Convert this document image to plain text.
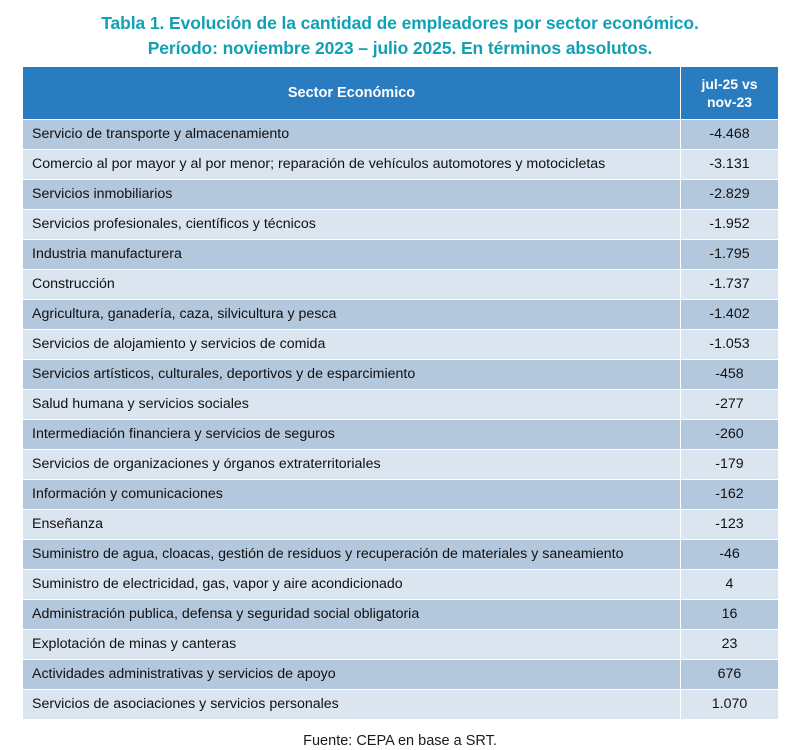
Tabla 1. Evolución de la cantidad de empleadores por sector económico.
Período: noviembre 2023 – julio 2025. En términos absolutos.
Sector Económico	jul-25 vs
nov-23

Servicio de transporte y almacenamiento	-4.468
Comercio al por mayor y al por menor; reparación de vehículos automotores y motocicletas	-3.131
Servicios inmobiliarios	-2.829
Servicios profesionales, científicos y técnicos	-1.952
Industria manufacturera	-1.795
Construcción	-1.737
Agricultura, ganadería, caza, silvicultura y pesca	-1.402
Servicios de alojamiento y servicios de comida	-1.053
Servicios artísticos, culturales, deportivos y de esparcimiento	-458
Salud humana y servicios sociales	-277
Intermediación financiera y servicios de seguros	-260
Servicios de organizaciones y órganos extraterritoriales	-179
Información y comunicaciones	-162
Enseñanza	-123
Suministro de agua, cloacas, gestión de residuos y recuperación de materiales y saneamiento	-46
Suministro de electricidad, gas, vapor y aire acondicionado	4
Administración publica, defensa y seguridad social obligatoria	16
Explotación de minas y canteras	23
Actividades administrativas y servicios de apoyo	676
Servicios de asociaciones y servicios personales	1.070
Fuente: CEPA en base a SRT.
